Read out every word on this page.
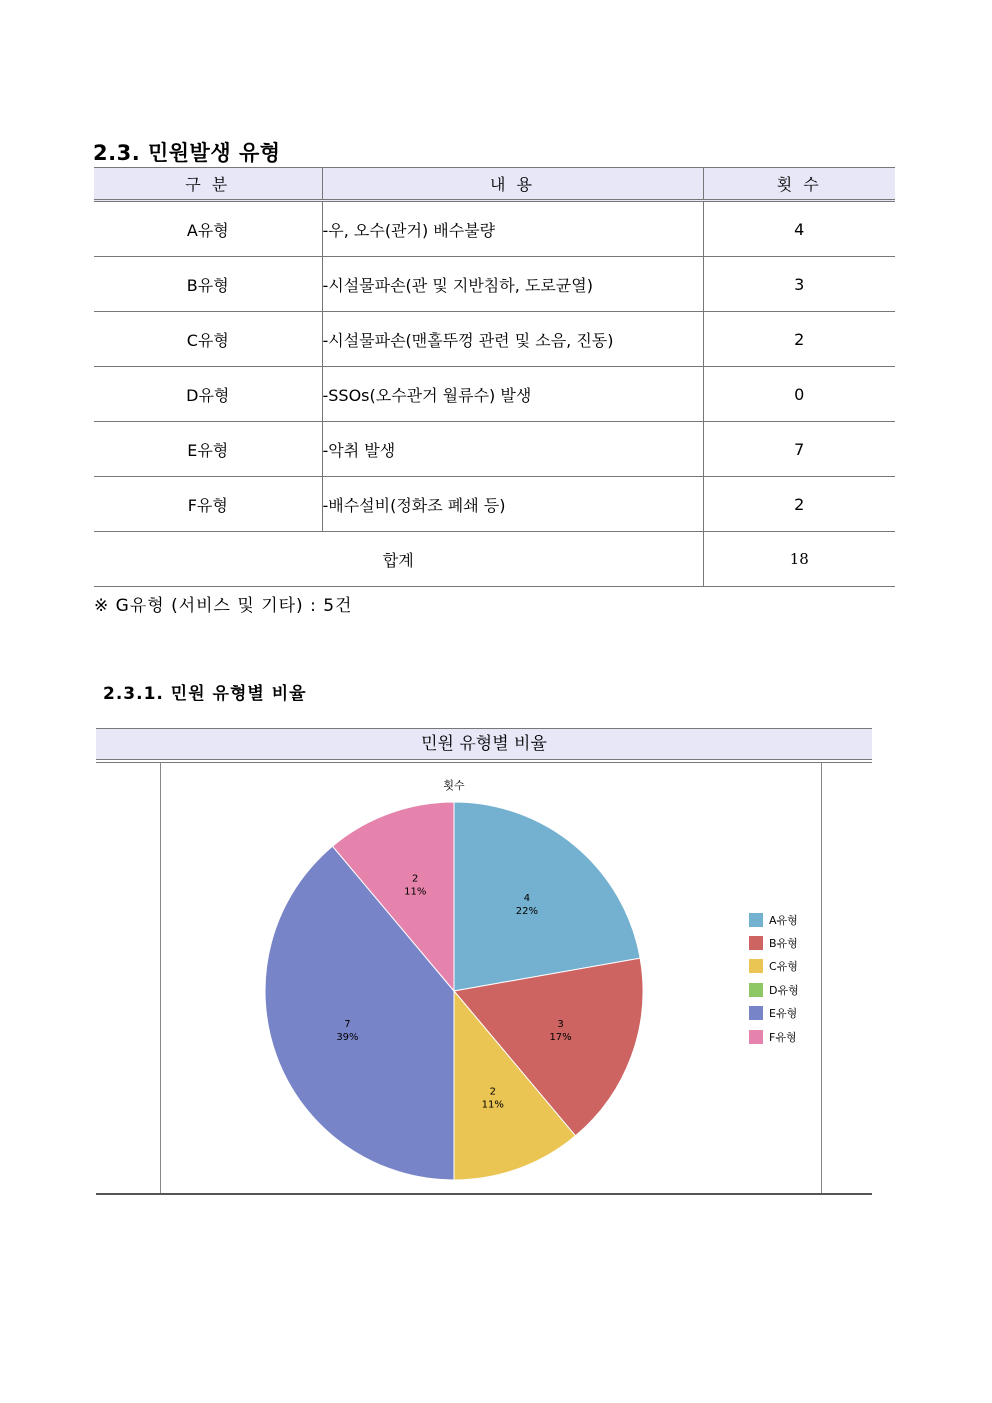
2.3. 민원발생 유형
구 분	내 용	횟 수
A유형	-우, 오수(관거) 배수불량	4
B유형	-시설물파손(관 및 지반침하, 도로균열)	3
C유형	-시설물파손(맨홀뚜껑 관련 및 소음, 진동)	2
D유형	-SSOs(오수관거 월류수) 발생	0
E유형	-악취 발생	7
F유형	-배수설비(정화조 폐쇄 등)	2
합계		18
※ G유형 (서비스 및 기타) : 5건
2.3.1. 민원 유형별 비율
민원 유형별 비율
횟수
4
22%
3
17%
2
11%
7
39%
2
11%
A유형
B유형
C유형
D유형
E유형
F유형
